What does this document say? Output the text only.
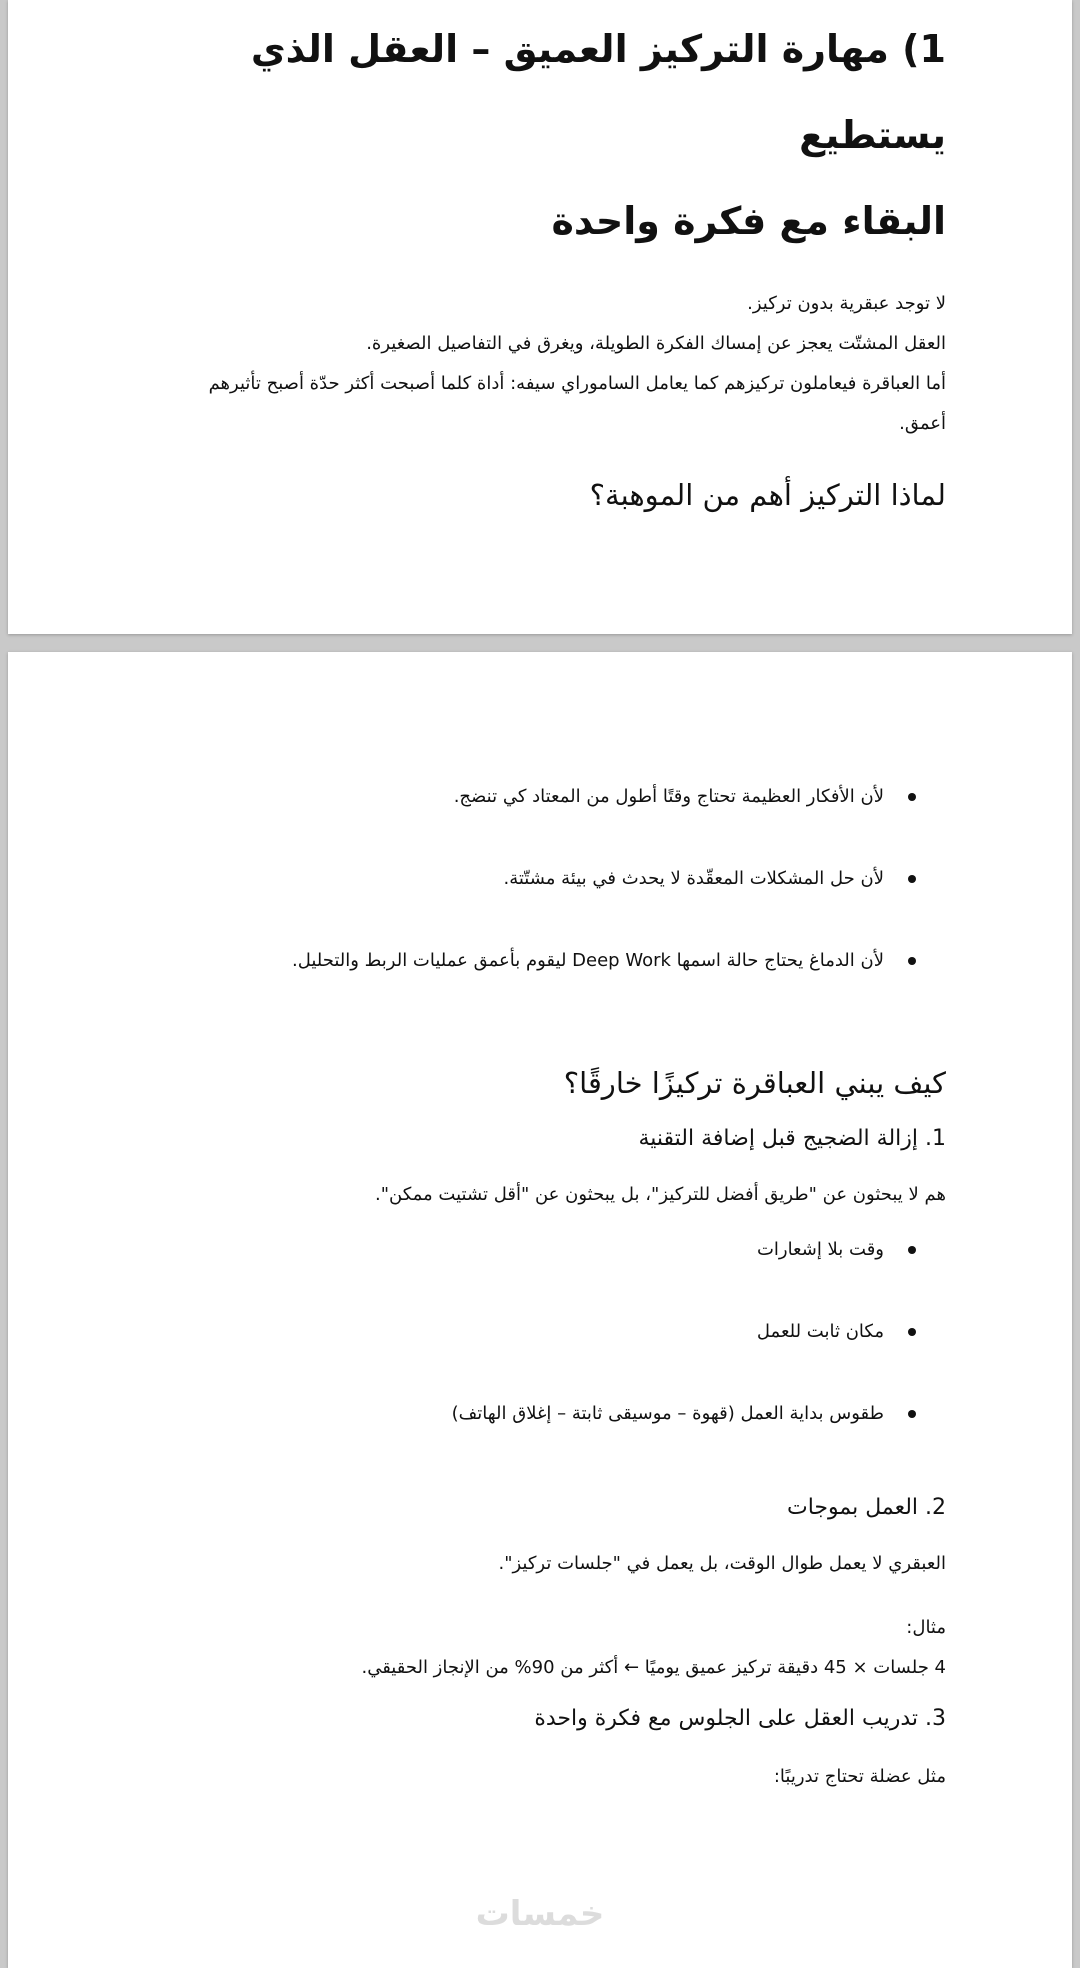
1) مهارة التركيز العميق – العقل الذي يستطيع
البقاء مع فكرة واحدة

لا توجد عبقرية بدون تركيز.

العقل المشتّت يعجز عن إمساك الفكرة الطويلة، ويغرق في التفاصيل الصغيرة.

أما العباقرة فيعاملون تركيزهم كما يعامل الساموراي سيفه: أداة كلما أصبحت أكثر حدّة أصبح تأثيرهم

أعمق.

لماذا التركيز أهم من الموهبة؟
لأن الأفكار العظيمة تحتاج وقتًا أطول من المعتاد كي تنضج.
لأن حل المشكلات المعقّدة لا يحدث في بيئة مشتّتة.
لأن الدماغ يحتاج حالة اسمها Deep Work ليقوم بأعمق عمليات الربط والتحليل.
كيف يبني العباقرة تركيزًا خارقًا؟
1. إزالة الضجيج قبل إضافة التقنية

هم لا يبحثون عن "طريق أفضل للتركيز"، بل يبحثون عن "أقل تشتيت ممكن".

وقت بلا إشعارات
مكان ثابت للعمل
طقوس بداية العمل (قهوة – موسيقى ثابتة – إغلاق الهاتف)
2. العمل بموجات

العبقري لا يعمل طوال الوقت، بل يعمل في "جلسات تركيز".

مثال:

4 جلسات × 45 دقيقة تركيز عميق يوميًا ← أكثر من 90% من الإنجاز الحقيقي.

3. تدريب العقل على الجلوس مع فكرة واحدة

مثل عضلة تحتاج تدريبًا:

خمسات
